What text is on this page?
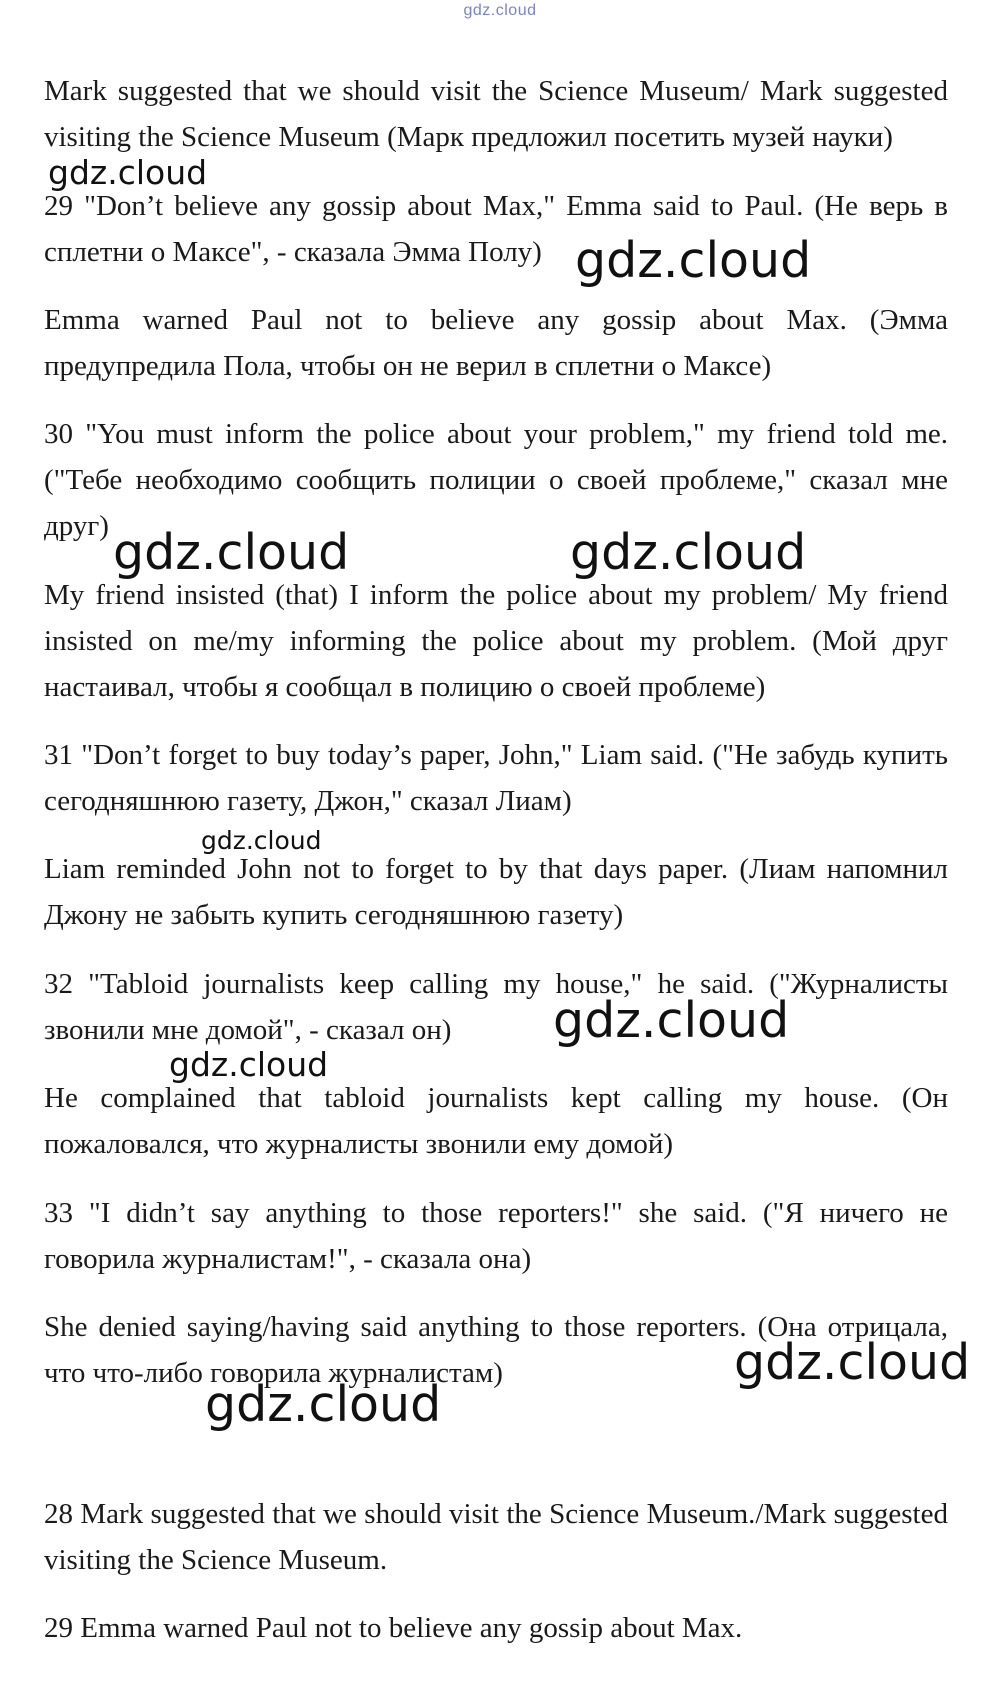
gdz.cloud

Mark suggested that we should visit the Science Museum/ Mark suggested visiting the Science Museum (Марк предложил посетить музей науки)

29 "Don’t believe any gossip about Max," Emma said to Paul. (Не верь в сплетни о Максе", - сказала Эмма Полу)

Emma warned Paul not to believe any gossip about Max. (Эмма предупредила Пола, чтобы он не верил в сплетни о Максе)

30 "You must inform the police about your problem," my friend told me. ("Тебе необходимо сообщить полиции о своей проблеме," сказал мне друг)

My friend insisted (that) I inform the police about my problem/ My friend insisted on me/my informing the police about my problem. (Мой друг настаивал, чтобы я сообщал в полицию о своей проблеме)

31 "Don’t forget to buy today’s paper, John," Liam said. ("Не забудь купить сегодняшнюю газету, Джон," сказал Лиам)

Liam reminded John not to forget to by that days paper. (Лиам напомнил Джону не забыть купить сегодняшнюю газету)

32 "Tabloid journalists keep calling my house," he said. ("Журналисты звонили мне домой", - сказал он)

He complained that tabloid journalists kept calling my house. (Он пожаловался, что журналисты звонили ему домой)

33 "I didn’t say anything to those reporters!" she said. ("Я ничего не говорила журналистам!", - сказала она)

She denied saying/having said anything to those reporters. (Она отрицала, что что-либо говорила журналистам)

28 Mark suggested that we should visit the Science Museum./Mark suggested visiting the Science Museum.

29 Emma warned Paul not to believe any gossip about Max.

gdz.cloud
gdz.cloud
gdz.cloud	gdz.cloud
gdz.cloud
gdz.cloud
gdz.cloud
gdz.cloud
gdz.cloud
